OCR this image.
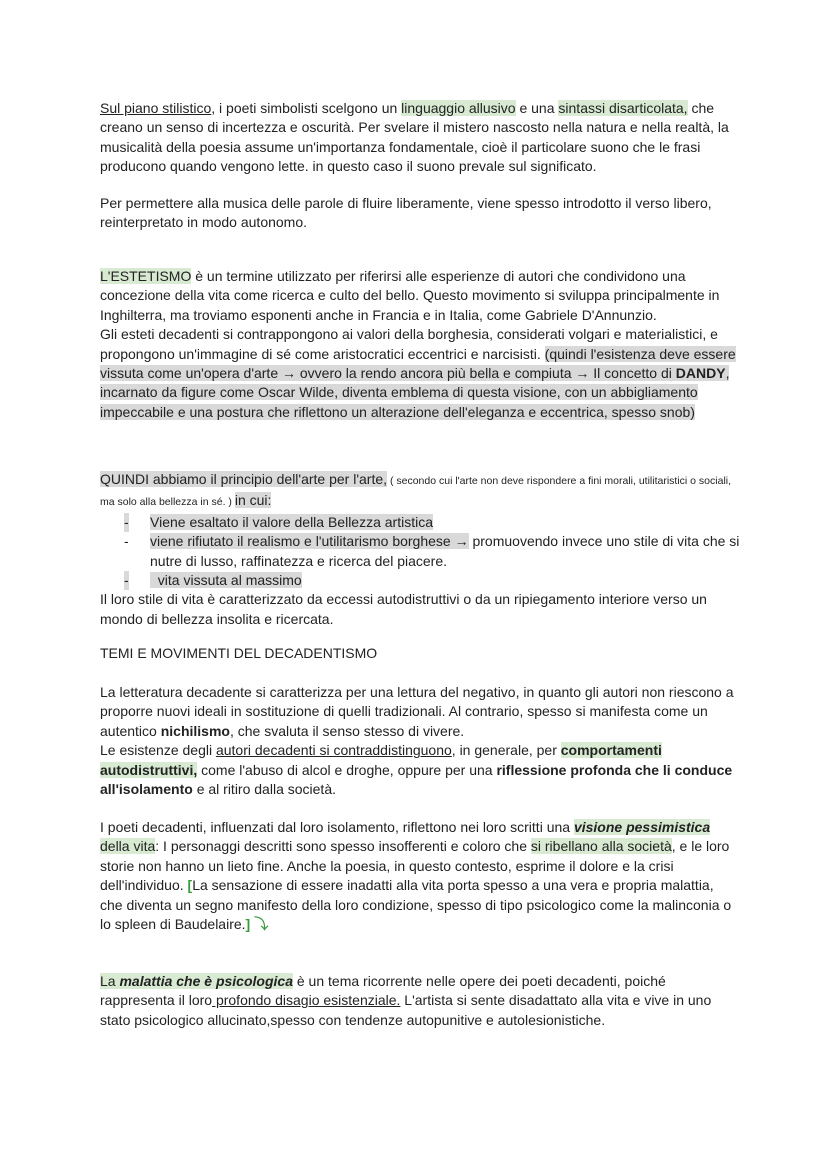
Sul piano stilistico, i poeti simbolisti scelgono un linguaggio allusivo e una sintassi disarticolata, che creano un senso di incertezza e oscurità. Per svelare il mistero nascosto nella natura e nella realtà, la musicalità della poesia assume un'importanza fondamentale, cioè il particolare suono che le frasi producono quando vengono lette. in questo caso il suono prevale sul significato.

Per permettere alla musica delle parole di fluire liberamente, viene spesso introdotto il verso libero, reinterpretato in modo autonomo.

L'ESTETISMO è un termine utilizzato per riferirsi alle esperienze di autori che condividono una concezione della vita come ricerca e culto del bello. Questo movimento si sviluppa principalmente in Inghilterra, ma troviamo esponenti anche in Francia e in Italia, come Gabriele D'Annunzio.

Gli esteti decadenti si contrappongono ai valori della borghesia, considerati volgari e materialistici, e propongono un'immagine di sé come aristocratici eccentrici e narcisisti. (quindi l'esistenza deve essere vissuta come un'opera d'arte → ovvero la rendo ancora più bella e compiuta → Il concetto di DANDY, incarnato da figure come Oscar Wilde, diventa emblema di questa visione, con un abbigliamento impeccabile e una postura che riflettono un alterazione dell'eleganza e eccentrica, spesso snob)

QUINDI abbiamo il principio dell'arte per l'arte, ( secondo cui l'arte non deve rispondere a fini morali, utilitaristici o sociali, ma solo alla bellezza in sé. ) in cui:

- Viene esaltato il valore della Bellezza artistica
- viene rifiutato il realismo e l'utilitarismo borghese → promuovendo invece uno stile di vita che si nutre di lusso, raffinatezza e ricerca del piacere.
- vita vissuta al massimo

Il loro stile di vita è caratterizzato da eccessi autodistruttivi o da un ripiegamento interiore verso un mondo di bellezza insolita e ricercata.

TEMI E MOVIMENTI DEL DECADENTISMO

La letteratura decadente si caratterizza per una lettura del negativo, in quanto gli autori non riescono a proporre nuovi ideali in sostituzione di quelli tradizionali. Al contrario, spesso si manifesta come un autentico nichilismo, che svaluta il senso stesso di vivere.

Le esistenze degli autori decadenti si contraddistinguono, in generale, per comportamenti autodistruttivi, come l'abuso di alcol e droghe, oppure per una riflessione profonda che li conduce all'isolamento e al ritiro dalla società.

I poeti decadenti, influenzati dal loro isolamento, riflettono nei loro scritti una visione pessimistica della vita: I personaggi descritti sono spesso insofferenti e coloro che si ribellano alla società, e le loro storie non hanno un lieto fine. Anche la poesia, in questo contesto, esprime il dolore e la crisi dell'individuo. [La sensazione di essere inadatti alla vita porta spesso a una vera e propria malattia, che diventa un segno manifesto della loro condizione, spesso di tipo psicologico come la malinconia o lo spleen di Baudelaire.] ⤵

La malattia che è psicologica è un tema ricorrente nelle opere dei poeti decadenti, poiché rappresenta il loro profondo disagio esistenziale. L'artista si sente disadattato alla vita e vive in uno stato psicologico allucinato,spesso con tendenze autopunitive e autolesionistiche.
